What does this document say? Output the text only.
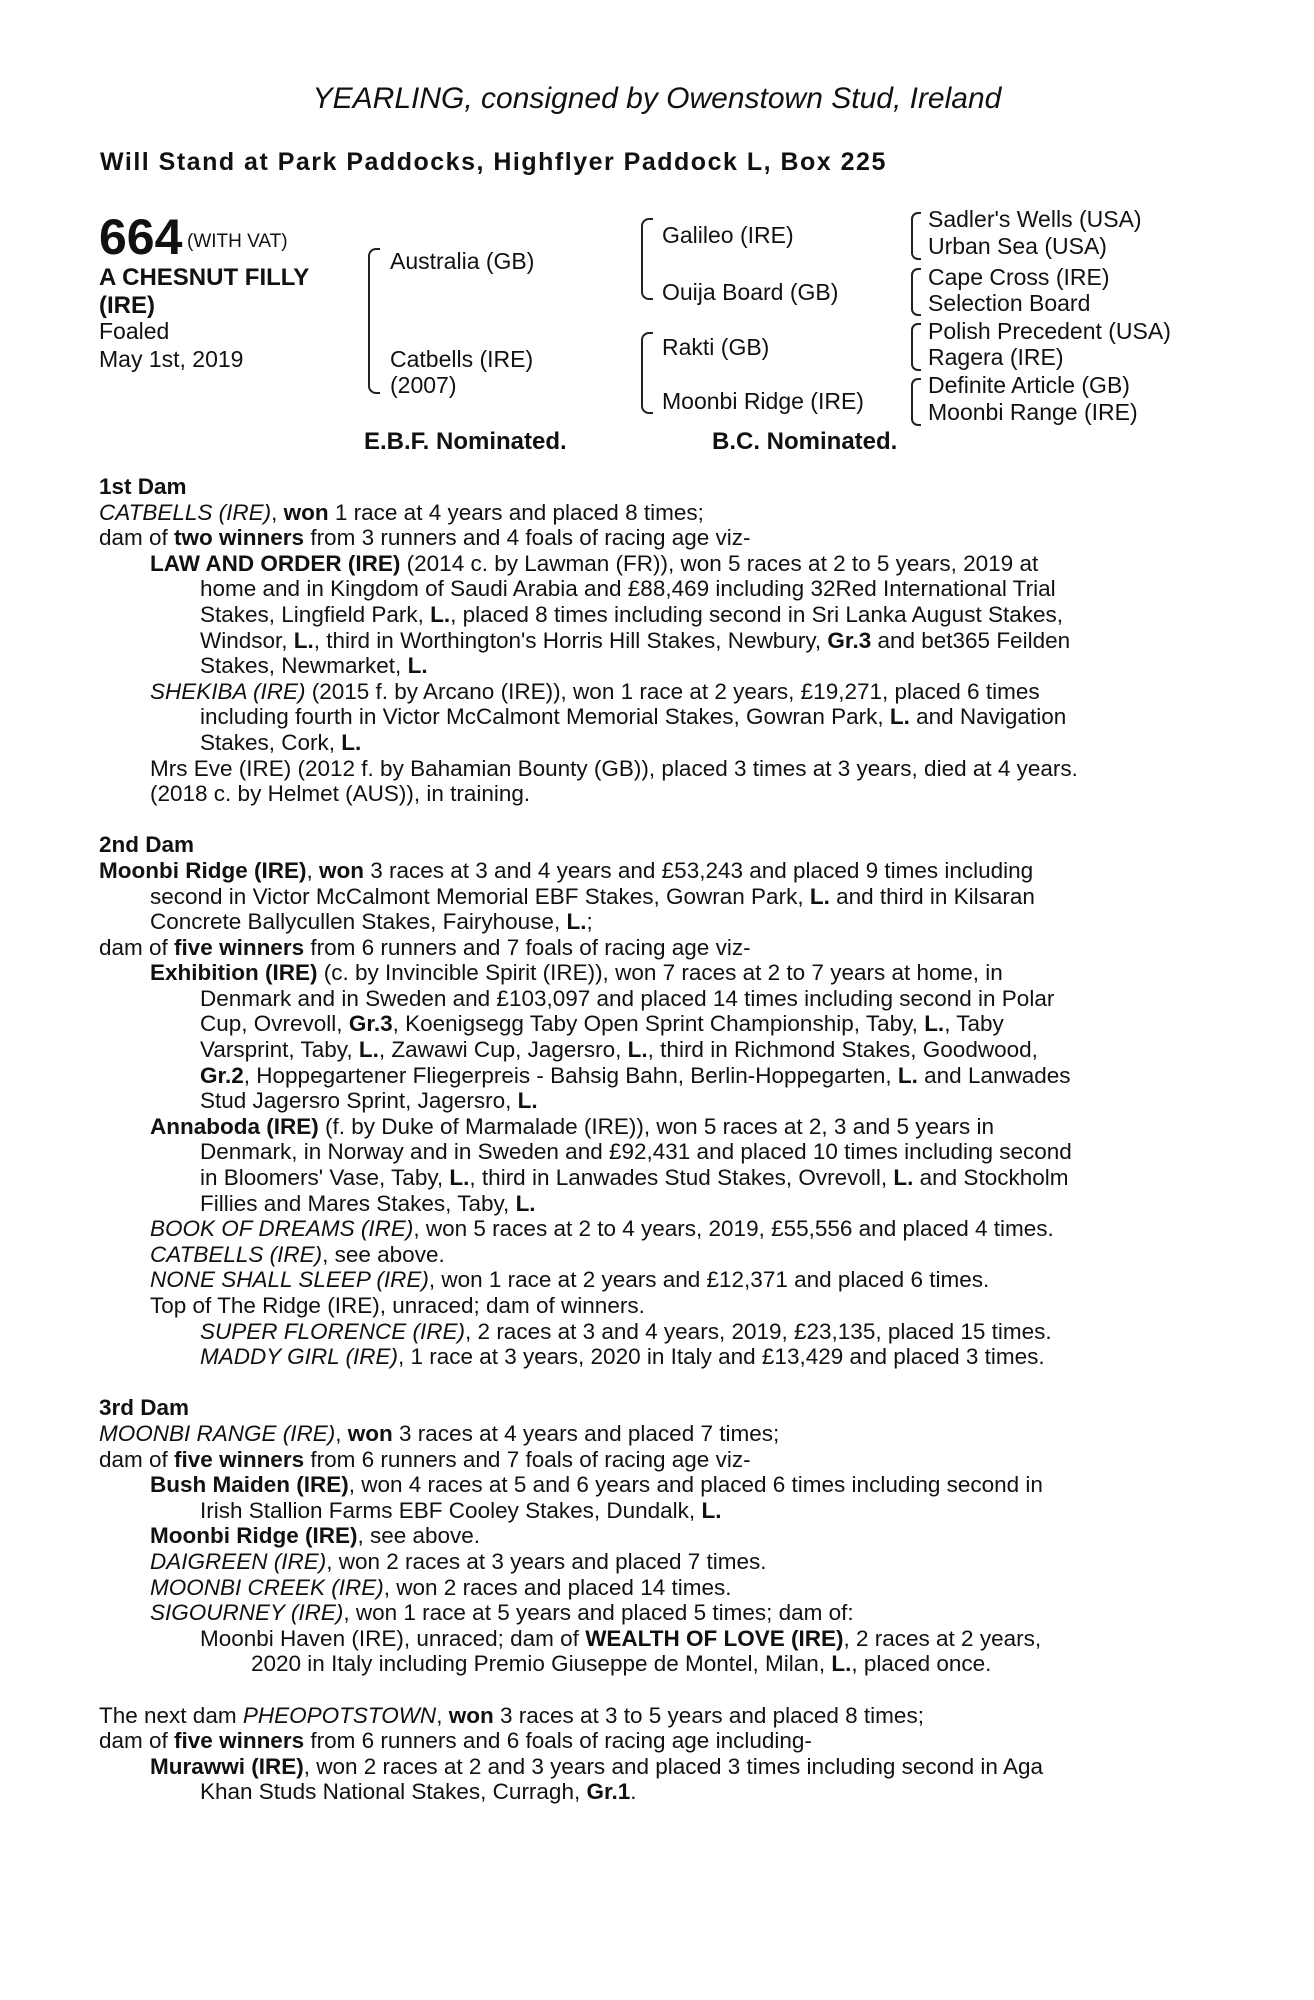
YEARLING, consigned by Owenstown Stud, Ireland
Will Stand at Park Paddocks, Highflyer Paddock L, Box 225
664 (WITH VAT)
A CHESNUT FILLY
(IRE)
Foaled
May 1st, 2019
Australia (GB)
Catbells (IRE)
(2007)
Galileo (IRE)
Ouija Board (GB)
Rakti (GB)
Moonbi Ridge (IRE)
Sadler's Wells (USA)
Urban Sea (USA)
Cape Cross (IRE)
Selection Board
Polish Precedent (USA)
Ragera (IRE)
Definite Article (GB)
Moonbi Range (IRE)
E.B.F. Nominated.	B.C. Nominated.
1st Dam
CATBELLS (IRE), won 1 race at 4 years and placed 8 times;
dam of two winners from 3 runners and 4 foals of racing age viz-
LAW AND ORDER (IRE) (2014 c. by Lawman (FR)), won 5 races at 2 to 5 years, 2019 at
home and in Kingdom of Saudi Arabia and £88,469 including 32Red International Trial
Stakes, Lingfield Park, L., placed 8 times including second in Sri Lanka August Stakes,
Windsor, L., third in Worthington's Horris Hill Stakes, Newbury, Gr.3 and bet365 Feilden
Stakes, Newmarket, L.
SHEKIBA (IRE) (2015 f. by Arcano (IRE)), won 1 race at 2 years, £19,271, placed 6 times
including fourth in Victor McCalmont Memorial Stakes, Gowran Park, L. and Navigation
Stakes, Cork, L.
Mrs Eve (IRE) (2012 f. by Bahamian Bounty (GB)), placed 3 times at 3 years, died at 4 years.
(2018 c. by Helmet (AUS)), in training.
2nd Dam
Moonbi Ridge (IRE), won 3 races at 3 and 4 years and £53,243 and placed 9 times including
second in Victor McCalmont Memorial EBF Stakes, Gowran Park, L. and third in Kilsaran
Concrete Ballycullen Stakes, Fairyhouse, L.;
dam of five winners from 6 runners and 7 foals of racing age viz-
Exhibition (IRE) (c. by Invincible Spirit (IRE)), won 7 races at 2 to 7 years at home, in
Denmark and in Sweden and £103,097 and placed 14 times including second in Polar
Cup, Ovrevoll, Gr.3, Koenigsegg Taby Open Sprint Championship, Taby, L., Taby
Varsprint, Taby, L., Zawawi Cup, Jagersro, L., third in Richmond Stakes, Goodwood,
Gr.2, Hoppegartener Fliegerpreis - Bahsig Bahn, Berlin-Hoppegarten, L. and Lanwades
Stud Jagersro Sprint, Jagersro, L.
Annaboda (IRE) (f. by Duke of Marmalade (IRE)), won 5 races at 2, 3 and 5 years in
Denmark, in Norway and in Sweden and £92,431 and placed 10 times including second
in Bloomers' Vase, Taby, L., third in Lanwades Stud Stakes, Ovrevoll, L. and Stockholm
Fillies and Mares Stakes, Taby, L.
BOOK OF DREAMS (IRE), won 5 races at 2 to 4 years, 2019, £55,556 and placed 4 times.
CATBELLS (IRE), see above.
NONE SHALL SLEEP (IRE), won 1 race at 2 years and £12,371 and placed 6 times.
Top of The Ridge (IRE), unraced; dam of winners.
SUPER FLORENCE (IRE), 2 races at 3 and 4 years, 2019, £23,135, placed 15 times.
MADDY GIRL (IRE), 1 race at 3 years, 2020 in Italy and £13,429 and placed 3 times.
3rd Dam
MOONBI RANGE (IRE), won 3 races at 4 years and placed 7 times;
dam of five winners from 6 runners and 7 foals of racing age viz-
Bush Maiden (IRE), won 4 races at 5 and 6 years and placed 6 times including second in
Irish Stallion Farms EBF Cooley Stakes, Dundalk, L.
Moonbi Ridge (IRE), see above.
DAIGREEN (IRE), won 2 races at 3 years and placed 7 times.
MOONBI CREEK (IRE), won 2 races and placed 14 times.
SIGOURNEY (IRE), won 1 race at 5 years and placed 5 times; dam of:
Moonbi Haven (IRE), unraced; dam of WEALTH OF LOVE (IRE), 2 races at 2 years,
2020 in Italy including Premio Giuseppe de Montel, Milan, L., placed once.
The next dam PHEOPOTSTOWN, won 3 races at 3 to 5 years and placed 8 times;
dam of five winners from 6 runners and 6 foals of racing age including-
Murawwi (IRE), won 2 races at 2 and 3 years and placed 3 times including second in Aga
Khan Studs National Stakes, Curragh, Gr.1.
